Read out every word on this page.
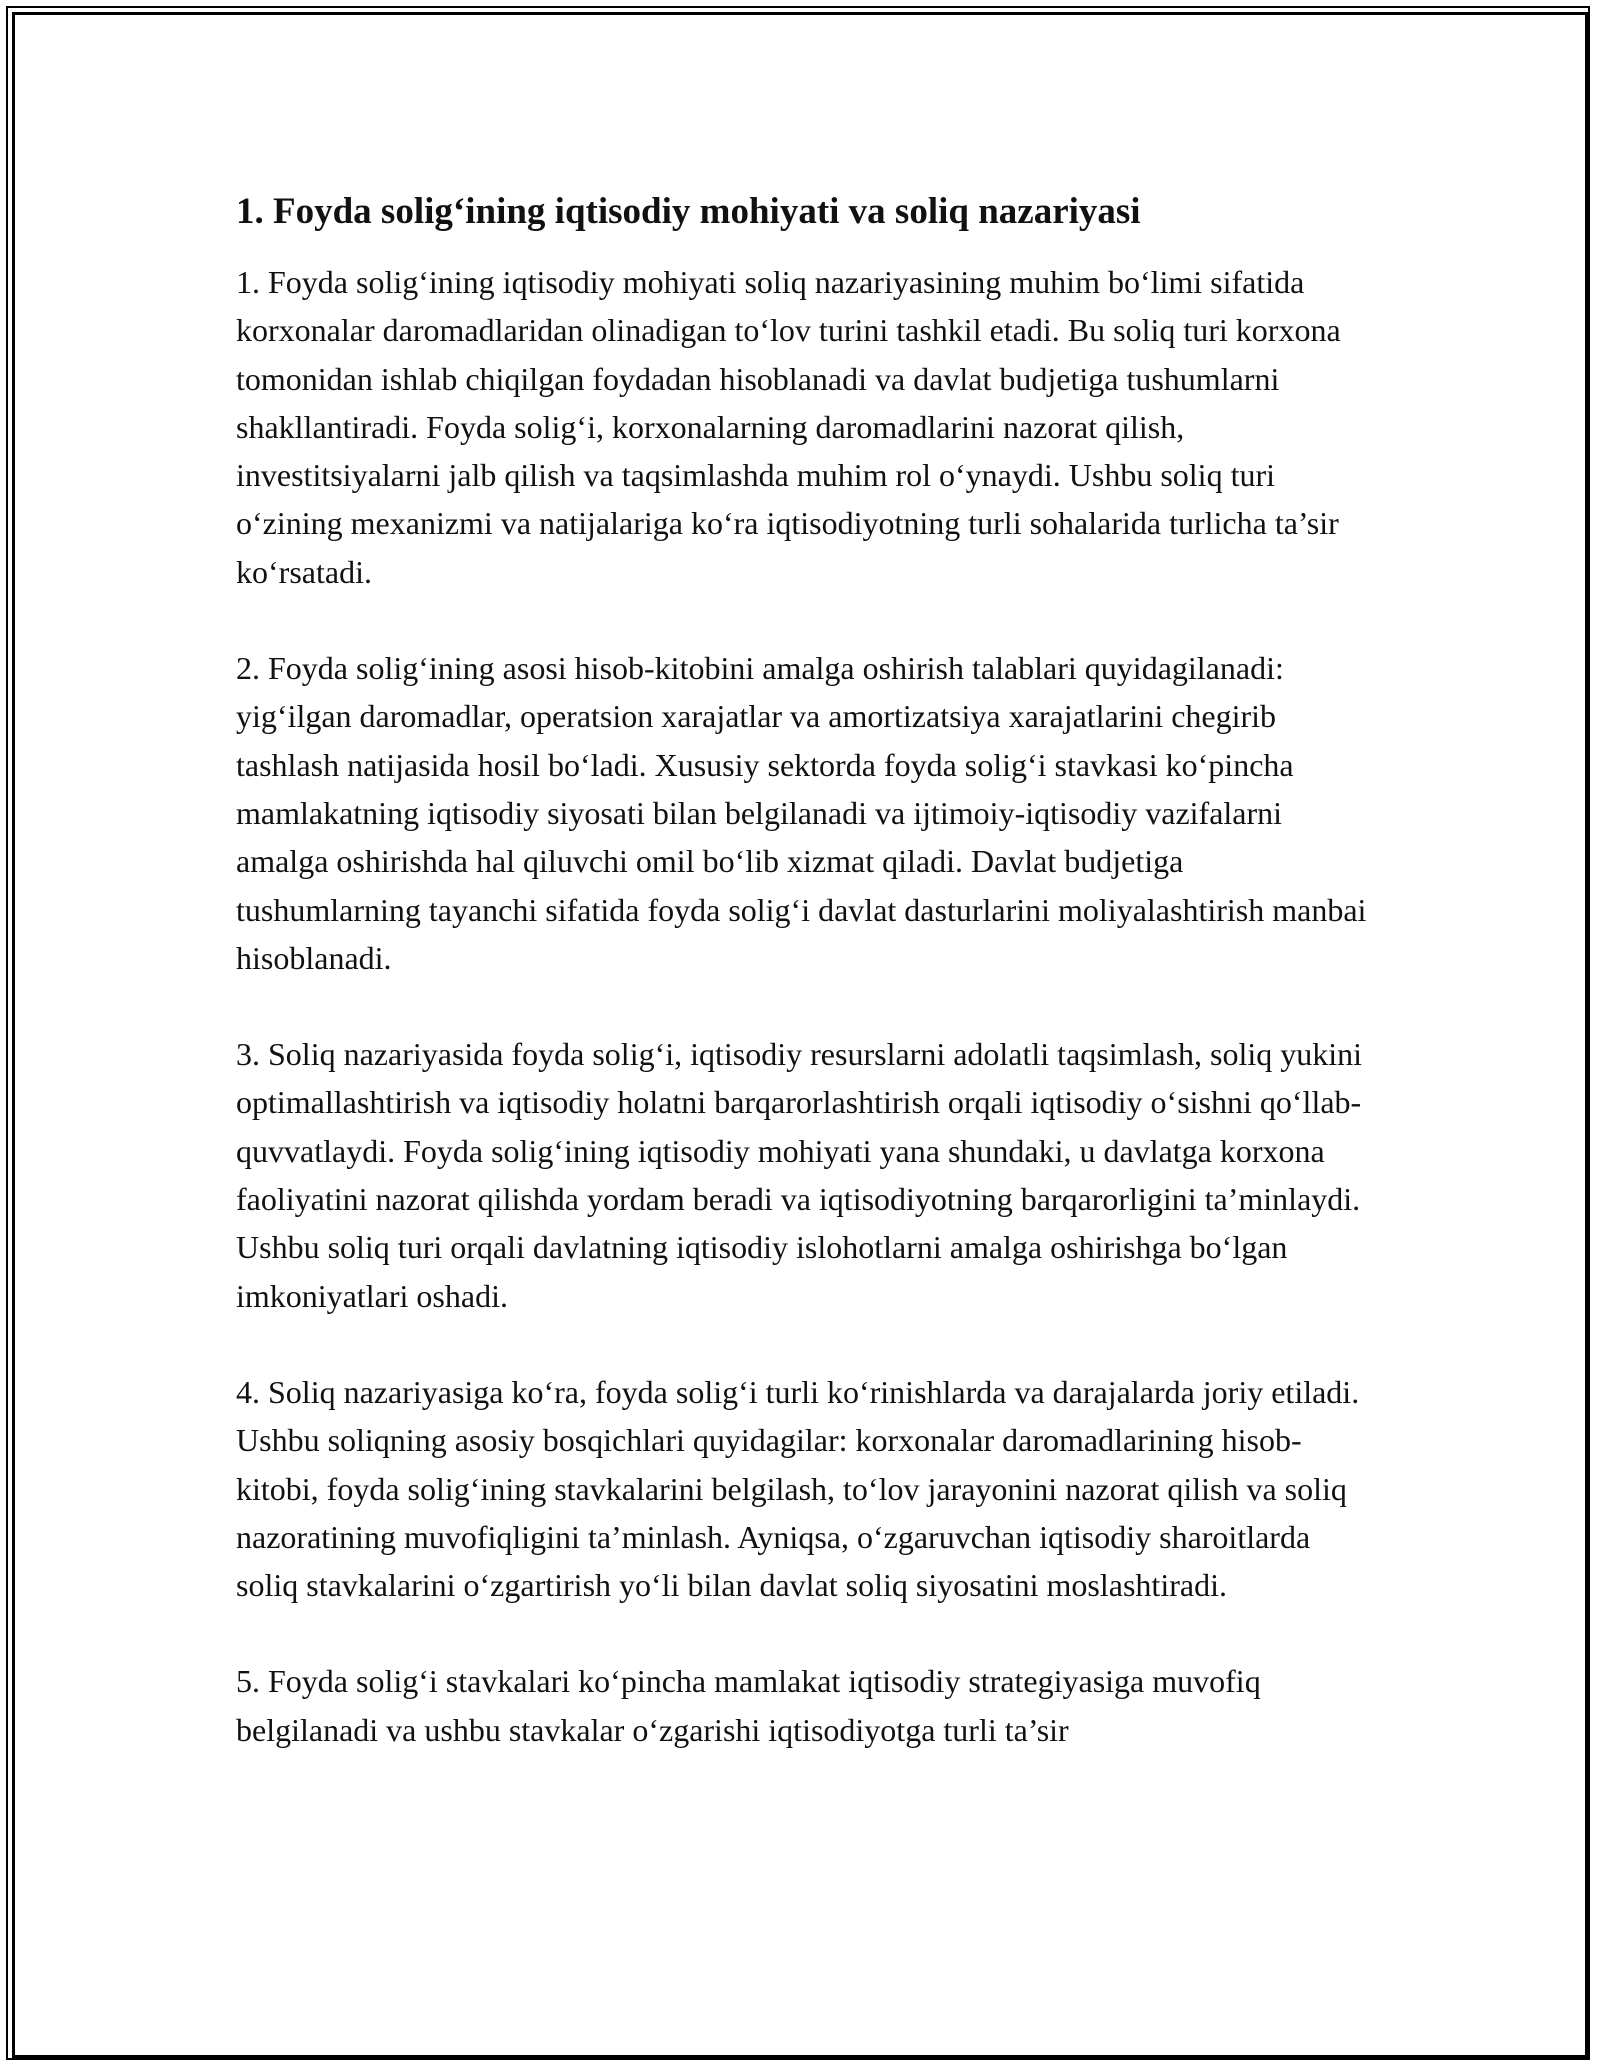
1. Foyda solig‘ining iqtisodiy mohiyati va soliq nazariyasi

1. Foyda solig‘ining iqtisodiy mohiyati soliq nazariyasining muhim bo‘limi sifatida korxonalar daromadlaridan olinadigan to‘lov turini tashkil etadi. Bu soliq turi korxona tomonidan ishlab chiqilgan foydadan hisoblanadi va davlat budjetiga tushumlarni shakllantiradi. Foyda solig‘i, korxonalarning daromadlarini nazorat qilish, investitsiyalarni jalb qilish va taqsimlashda muhim rol o‘ynaydi. Ushbu soliq turi o‘zining mexanizmi va natijalariga ko‘ra iqtisodiyotning turli sohalarida turlicha ta’sir ko‘rsatadi.

2. Foyda solig‘ining asosi hisob-kitobini amalga oshirish talablari quyidagilanadi: yig‘ilgan daromadlar, operatsion xarajatlar va amortizatsiya xarajatlarini chegirib tashlash natijasida hosil bo‘ladi. Xususiy sektorda foyda solig‘i stavkasi ko‘pincha mamlakatning iqtisodiy siyosati bilan belgilanadi va ijtimoiy-iqtisodiy vazifalarni amalga oshirishda hal qiluvchi omil bo‘lib xizmat qiladi. Davlat budjetiga tushumlarning tayanchi sifatida foyda solig‘i davlat dasturlarini moliyalashtirish manbai hisoblanadi.

3. Soliq nazariyasida foyda solig‘i, iqtisodiy resurslarni adolatli taqsimlash, soliq yukini optimallashtirish va iqtisodiy holatni barqarorlashtirish orqali iqtisodiy o‘sishni qo‘llab-quvvatlaydi. Foyda solig‘ining iqtisodiy mohiyati yana shundaki, u davlatga korxona faoliyatini nazorat qilishda yordam beradi va iqtisodiyotning barqarorligini ta’minlaydi. Ushbu soliq turi orqali davlatning iqtisodiy islohotlarni amalga oshirishga bo‘lgan imkoniyatlari oshadi.

4. Soliq nazariyasiga ko‘ra, foyda solig‘i turli ko‘rinishlarda va darajalarda joriy etiladi. Ushbu soliqning asosiy bosqichlari quyidagilar: korxonalar daromadlarining hisob-kitobi, foyda solig‘ining stavkalarini belgilash, to‘lov jarayonini nazorat qilish va soliq nazoratining muvofiqligini ta’minlash. Ayniqsa, o‘zgaruvchan iqtisodiy sharoitlarda soliq stavkalarini o‘zgartirish yo‘li bilan davlat soliq siyosatini moslashtiradi.

5. Foyda solig‘i stavkalari ko‘pincha mamlakat iqtisodiy strategiyasiga muvofiq belgilanadi va ushbu stavkalar o‘zgarishi iqtisodiyotga turli ta’sir
